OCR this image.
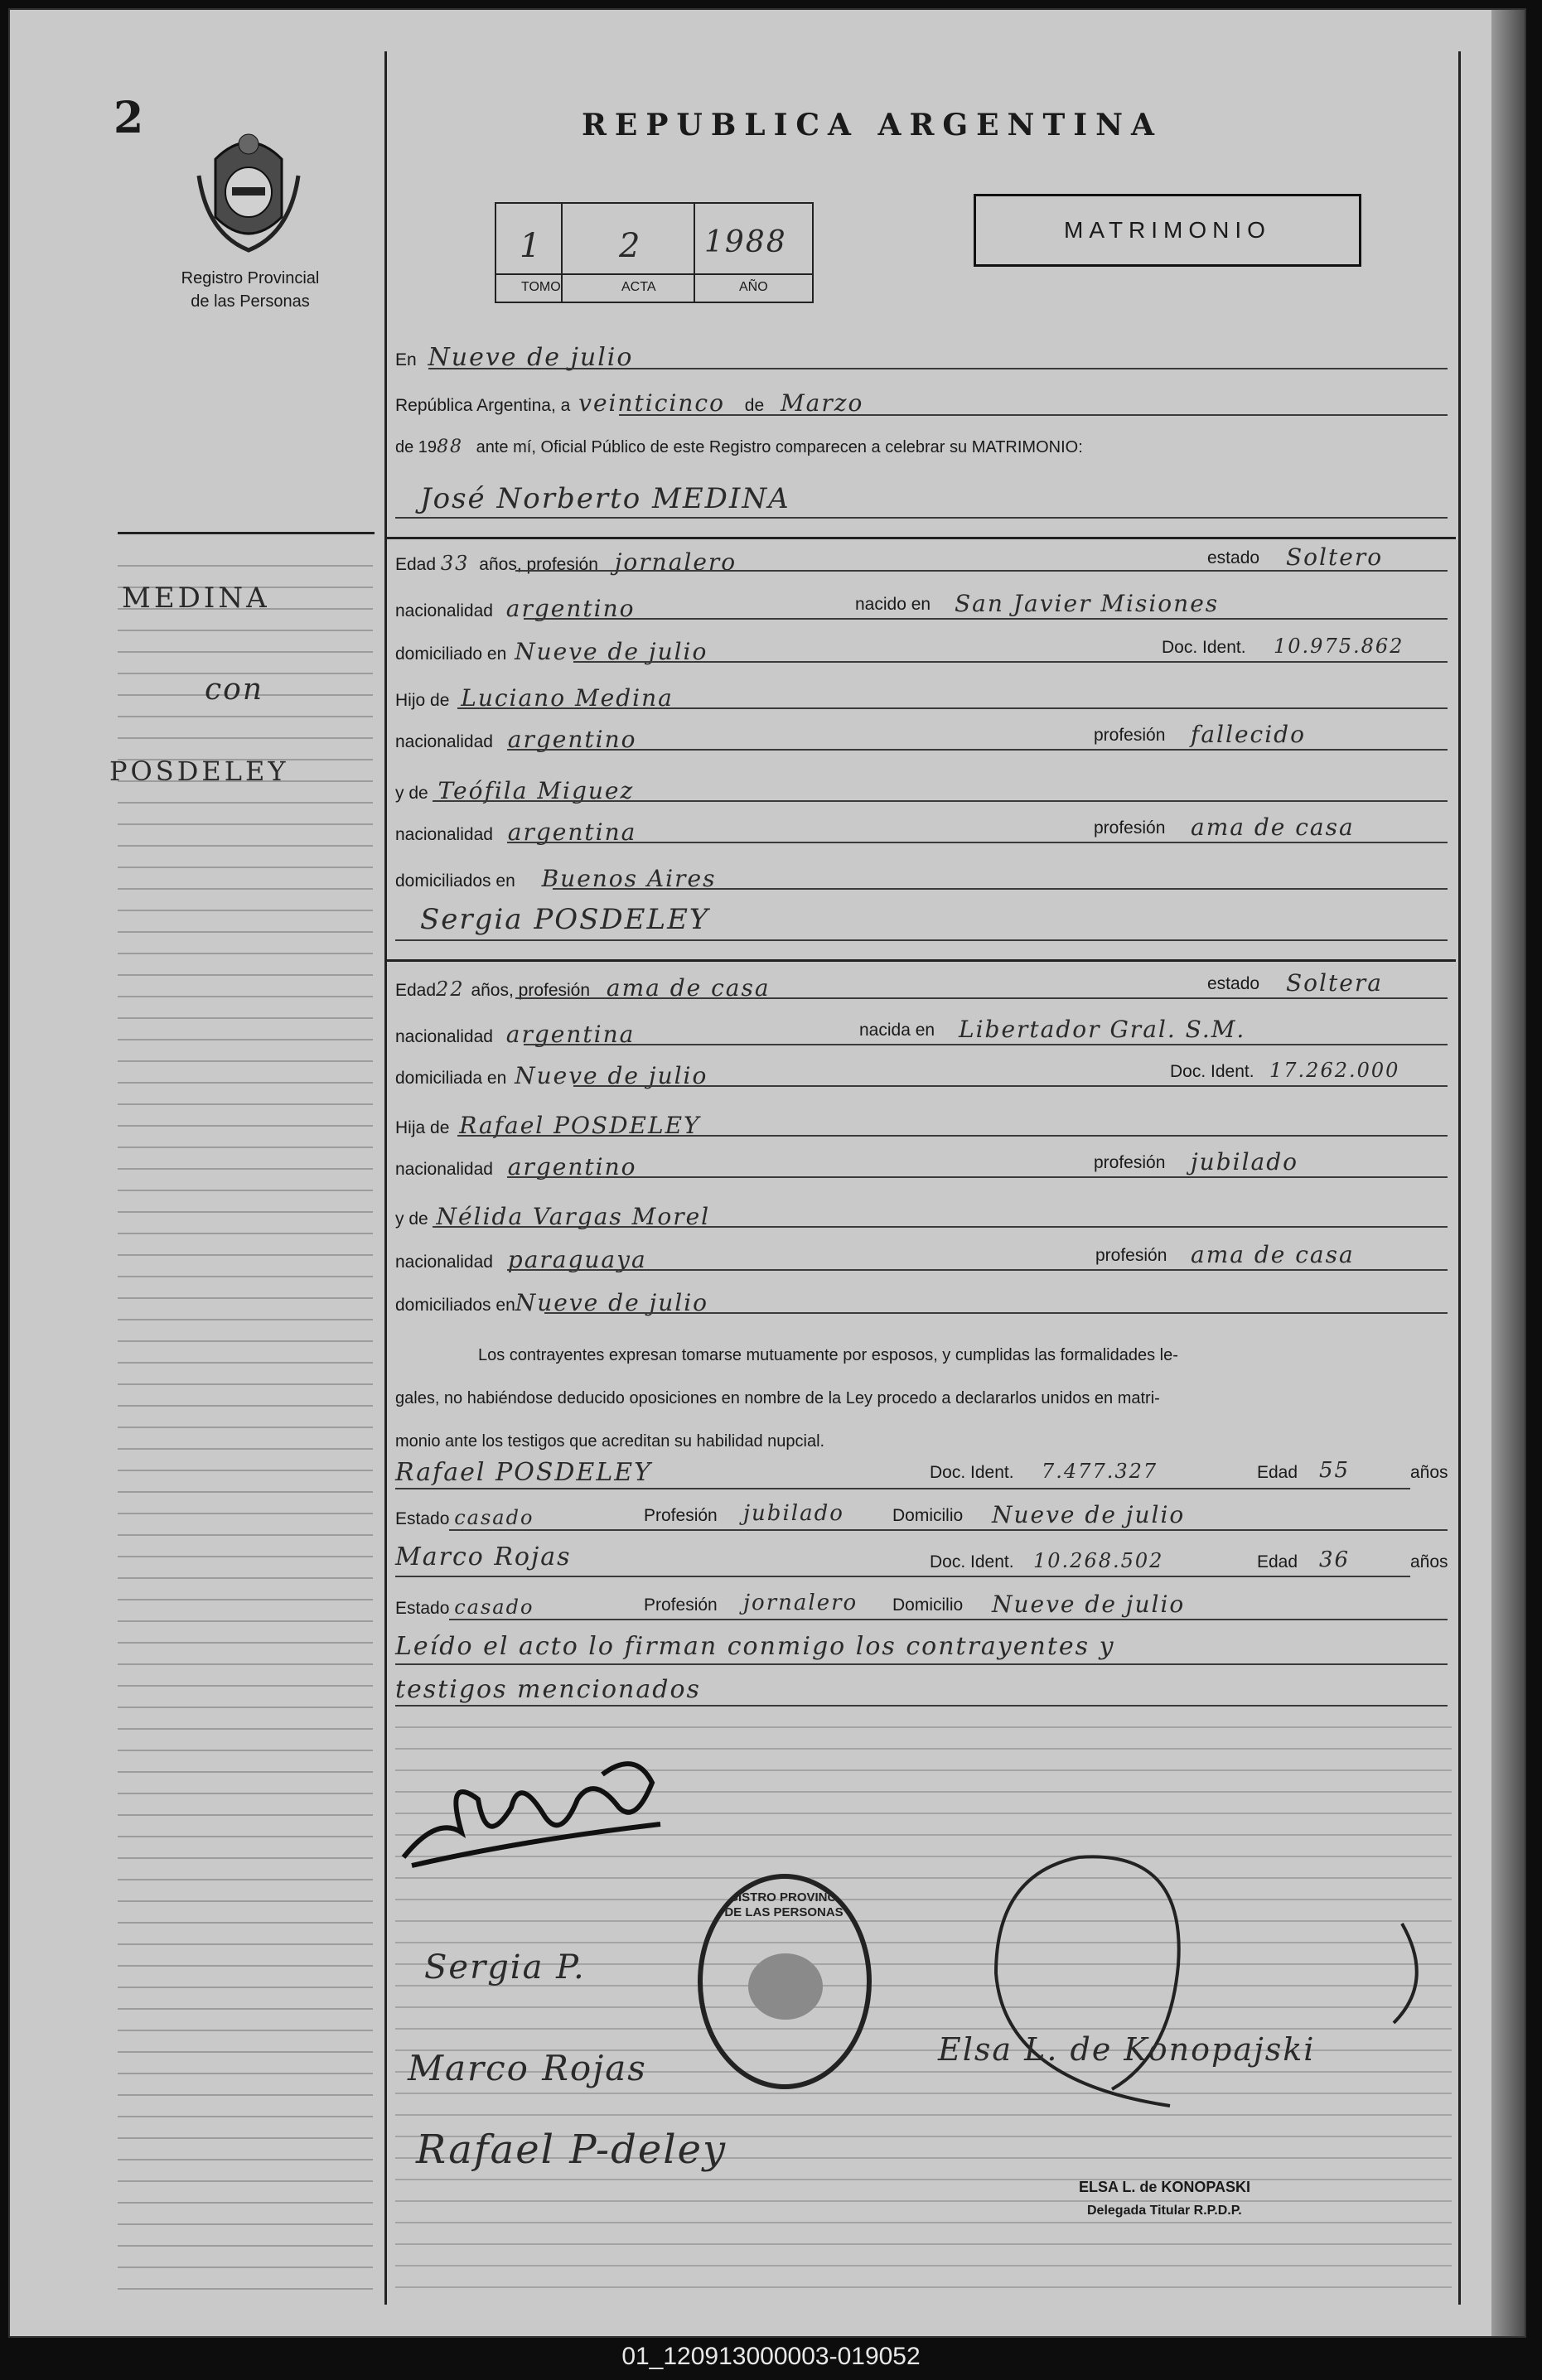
2
Registro Provincial
de las Personas
REPUBLICA ARGENTINA
1 2 1988
TOMO	ACTA	AÑO
MATRIMONIO
MEDINA
con
POSDELEY
En Nueve de julio
República Argentina, a veinticinco de Marzo
de 1988 ante mí, Oficial Público de este Registro comparecen a celebrar su MATRIMONIO:
José Norberto MEDINA
Edad 33 años, profesión jornalero	estado Soltero
nacionalidad argentino	nacido en San Javier Misiones
domiciliado en Nueve de julio	Doc. Ident. 10.975.862
Hijo de Luciano Medina
nacionalidad argentino	profesión fallecido
y de Teófila Miguez
nacionalidad argentina	profesión ama de casa
domiciliados en Buenos Aires
Sergia POSDELEY
Edad22 años, profesión ama de casa	estado Soltera
nacionalidad argentina	nacida en Libertador Gral. S.M.
domiciliada en Nueve de julio	Doc. Ident. 17.262.000
Hija de Rafael POSDELEY
nacionalidad argentino	profesión jubilado
y de Nélida Vargas Morel
nacionalidad paraguaya	profesión ama de casa
domiciliados enNueve de julio
Los contrayentes expresan tomarse mutuamente por esposos, y cumplidas las formalidades le-
gales, no habiéndose deducido oposiciones en nombre de la Ley procedo a declararlos unidos en matri-
monio ante los testigos que acreditan su habilidad nupcial.
Rafael POSDELEY	Doc. Ident. 7.477.327	Edad 55	años
Estado casado	Profesión jubilado	Domicilio Nueve de julio
Marco Rojas	Doc. Ident. 10.268.502	Edad 36	años
Estado casado	Profesión jornalero Domicilio Nueve de julio
Leído el acto lo firman conmigo los contrayentes y
testigos mencionados
REGISTRO PROVINCIAL DE LAS PERSONAS
Sergia P.
Marco Rojas
Rafael P-deley
Elsa L. de Konopajski
ELSA L. de KONOPASKI
Delegada Titular R.P.D.P.
01_120913000003-019052
